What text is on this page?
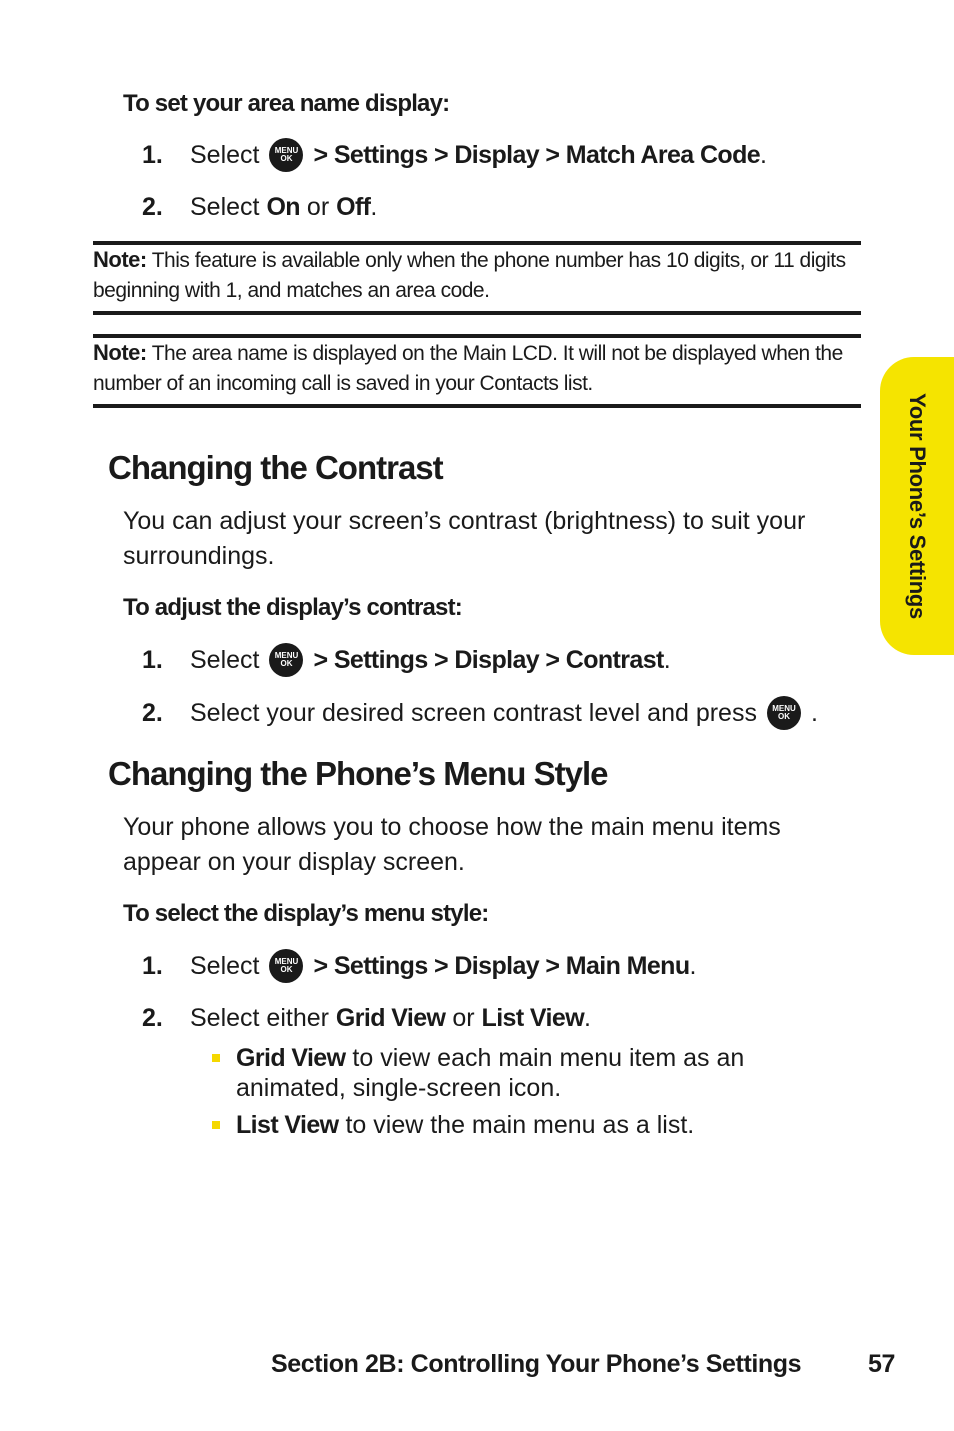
To set your area name display:
1. Select MENU
OK > Settings > Display > Match Area Code .
2. Select
On
or
Off .
Note: This feature is available only when the phone number has 10 digits, or 11 digits beginning with 1, and matches an area code.
Note: The area name is displayed on the Main LCD. It will not be displayed when the number of an incoming call is saved in your Contacts list.
Changing the Contrast
You can adjust your screen’s contrast (brightness) to suit your surroundings.
To adjust the display’s contrast:
1. Select MENU
OK > Settings > Display > Contrast .
2. Select your desired screen contrast level and press MENU
OK .
Changing the Phone’s Menu Style
Your phone allows you to choose how the main menu items appear on your display screen.
To select the display’s menu style:
1. Select MENU
OK > Settings > Display > Main Menu .
2. Select either
Grid View
or
List View .
Grid View to view each main menu item as an animated, single-screen icon.
List View to view the main menu as a list.
Your Phone’s Settings
Section 2B: Controlling Your Phone’s Settings	57
